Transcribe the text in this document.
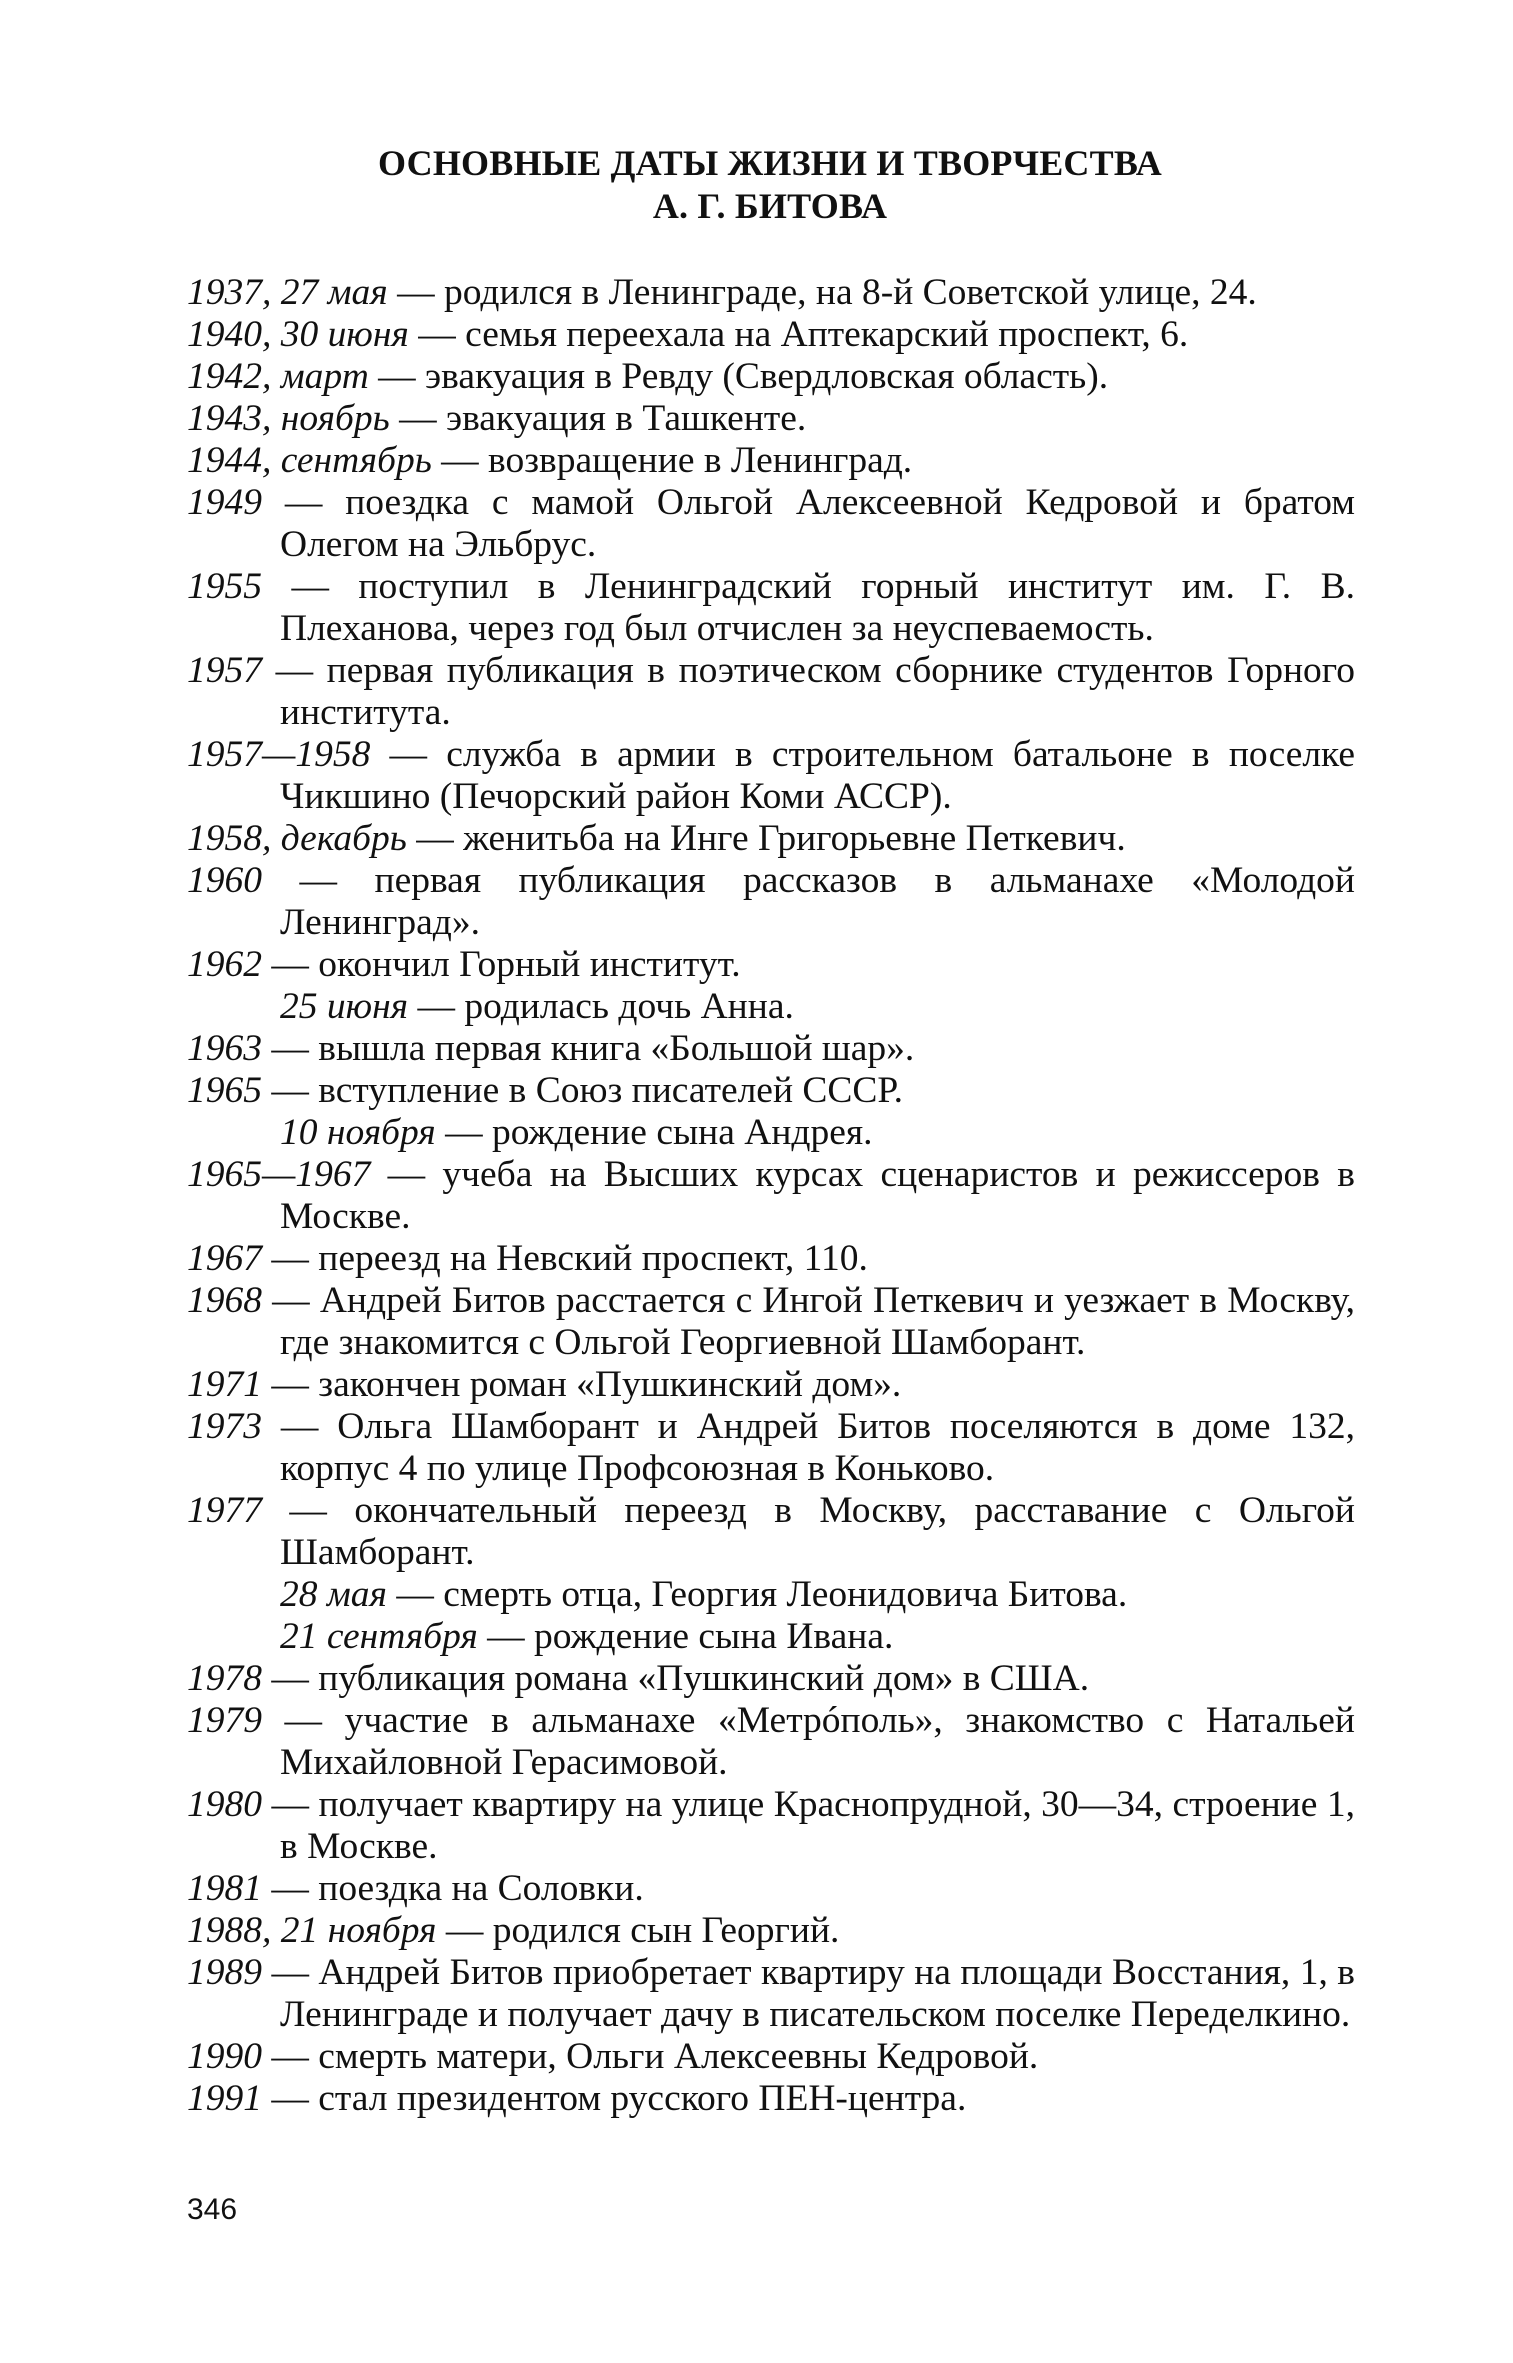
ОСНОВНЫЕ ДАТЫ ЖИЗНИ И ТВОРЧЕСТВА
А. Г. БИТОВА
1937, 27 мая — родился в Ленинграде, на 8-й Советской улице, 24.
1940, 30 июня — семья переехала на Аптекарский проспект, 6.
1942, март — эвакуация в Ревду (Свердловская область).
1943, ноябрь — эвакуация в Ташкенте.
1944, сентябрь — возвращение в Ленинград.
1949 — поездка с мамой Ольгой Алексеевной Кедровой и братом Олегом на Эльбрус.
1955 — поступил в Ленинградский горный институт им. Г. В. Плеханова, через год был отчислен за неуспеваемость.
1957 — первая публикация в поэтическом сборнике студентов Горного института.
1957—1958 — служба в армии в строительном батальоне в поселке Чикшино (Печорский район Коми АССР).
1958, декабрь — женитьба на Инге Григорьевне Петкевич.
1960 — первая публикация рассказов в альманахе «Молодой Ленинград».
1962 — окончил Горный институт.
25 июня — родилась дочь Анна.
1963 — вышла первая книга «Большой шар».
1965 — вступление в Союз писателей СССР.
10 ноября — рождение сына Андрея.
1965—1967 — учеба на Высших курсах сценаристов и режиссеров в Москве.
1967 — переезд на Невский проспект, 110.
1968 — Андрей Битов расстается с Ингой Петкевич и уезжает в Москву, где знакомится с Ольгой Георгиевной Шамборант.
1971 — закончен роман «Пушкинский дом».
1973 — Ольга Шамборант и Андрей Битов поселяются в доме 132, корпус 4 по улице Профсоюзная в Коньково.
1977 — окончательный переезд в Москву, расставание с Ольгой Шамборант.
28 мая — смерть отца, Георгия Леонидовича Битова.
21 сентября — рождение сына Ивана.
1978 — публикация романа «Пушкинский дом» в США.
1979 — участие в альманахе «Метрóполь», знакомство с Натальей Михайловной Герасимовой.
1980 — получает квартиру на улице Краснопрудной, 30—34, строение 1, в Москве.
1981 — поездка на Соловки.
1988, 21 ноября — родился сын Георгий.
1989 — Андрей Битов приобретает квартиру на площади Восстания, 1, в Ленинграде и получает дачу в писательском поселке Переделкино.
1990 — смерть матери, Ольги Алексеевны Кедровой.
1991 — стал президентом русского ПЕН-центра.
346
